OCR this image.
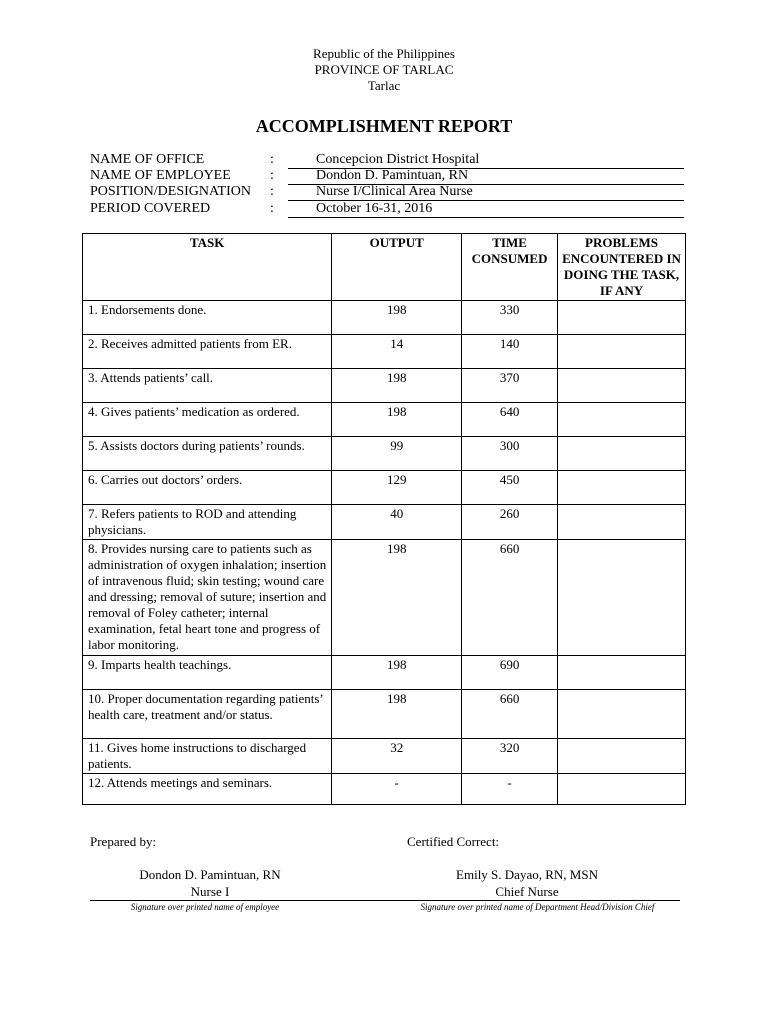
Republic of the Philippines
PROVINCE OF TARLAC
Tarlac
ACCOMPLISHMENT REPORT
NAME OF OFFICE	:	Concepcion District Hospital
NAME OF EMPLOYEE	:	Dondon D. Pamintuan, RN
POSITION/DESIGNATION :	Nurse I/Clinical Area Nurse
PERIOD COVERED	:	October 16-31, 2016
TASK	OUTPUT	TIME CONSUMED	PROBLEMS ENCOUNTERED IN DOING THE TASK, IF ANY
1. Endorsements done.	198	330	
2. Receives admitted patients from ER.	14	140	
3. Attends patients’ call.	198	370	
4. Gives patients’ medication as ordered.	198	640	
5. Assists doctors during patients’ rounds.	99	300	
6. Carries out doctors’ orders.	129	450	
7. Refers patients to ROD and attending physicians.	40	260	
8. Provides nursing care to patients such as administration of oxygen inhalation; insertion of intravenous fluid; skin testing; wound care and dressing; removal of suture; insertion and removal of Foley catheter; internal examination, fetal heart tone and progress of labor monitoring.	198	660	
9. Imparts health teachings.	198	690	
10. Proper documentation regarding patients’ health care, treatment and/or status.	198	660	
11. Gives home instructions to discharged patients.	32	320	
12. Attends meetings and seminars.	-	-	
Prepared by:	Certified Correct:
Dondon D. Pamintuan, RN
Nurse I
Emily S. Dayao, RN, MSN
Chief Nurse
Signature over printed name of employee	Signature over printed name of Department Head/Division Chief
